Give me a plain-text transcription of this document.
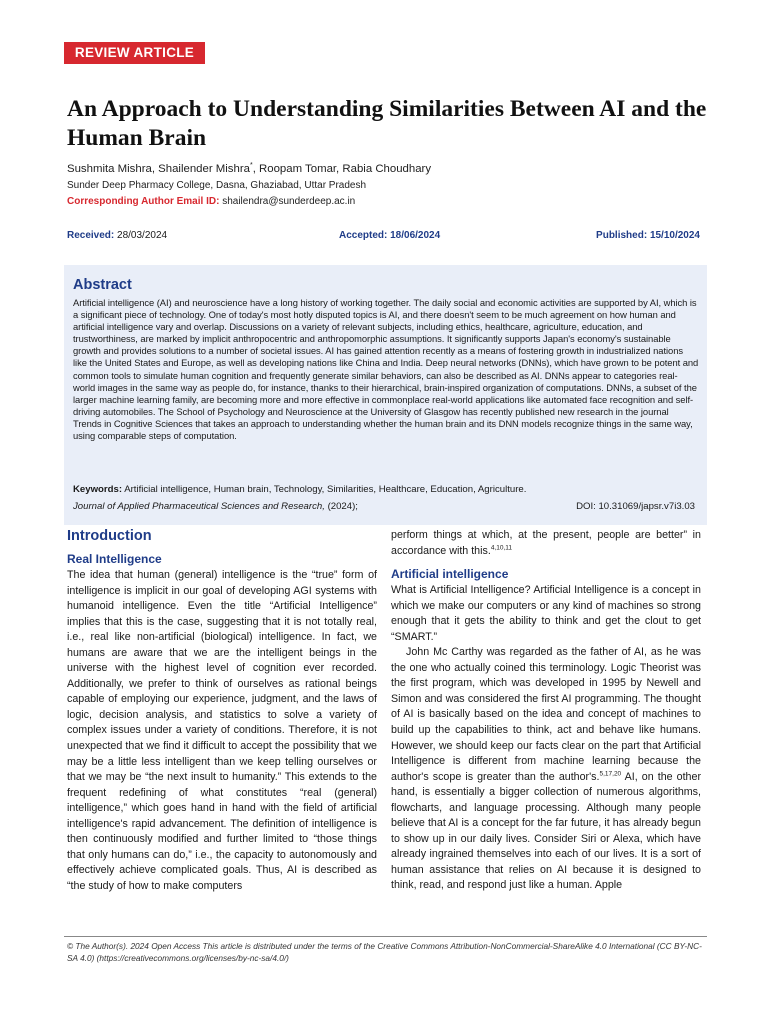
REVIEW ARTICLE
An Approach to Understanding Similarities Between AI and the Human Brain
Sushmita Mishra, Shailender Mishra*, Roopam Tomar, Rabia Choudhary
Sunder Deep Pharmacy College, Dasna, Ghaziabad, Uttar Pradesh
Corresponding Author Email ID: shailendra@sunderdeep.ac.in
Received: 28/03/2024	Accepted: 18/06/2024	Published: 15/10/2024
Abstract

Artificial intelligence (AI) and neuroscience have a long history of working together. The daily social and economic activities are supported by AI, which is a significant piece of technology. One of today's most hotly disputed topics is AI, and there doesn't seem to be much agreement on how human and artificial intelligence vary and overlap. Discussions on a variety of relevant subjects, including ethics, healthcare, agriculture, education, and trustworthiness, are marked by implicit anthropocentric and anthropomorphic assumptions. It significantly supports Japan's economy's sustainable growth and provides solutions to a number of societal issues. AI has gained attention recently as a means of fostering growth in industrialized nations like the United States and Europe, as well as developing nations like China and India. Deep neural networks (DNNs), which have grown to be potent and common tools to simulate human cognition and frequently generate similar behaviors, can also be described as AI. DNNs appear to categories real-world images in the same way as people do, for instance, thanks to their hierarchical, brain-inspired organization of computations. DNNs, a subset of the larger machine learning family, are becoming more and more effective in commonplace real-world applications like automated face recognition and self-driving automobiles. The School of Psychology and Neuroscience at the University of Glasgow has recently published new research in the journal Trends in Cognitive Sciences that takes an approach to understanding whether the human brain and its DNN models recognize things in the same way, using comparable steps of computation.

Keywords: Artificial intelligence, Human brain, Technology, Similarities, Healthcare, Education, Agriculture.
Journal of Applied Pharmaceutical Sciences and Research, (2024);	DOI: 10.31069/japsr.v7i3.03
Introduction
Real Intelligence

The idea that human (general) intelligence is the “true” form of intelligence is implicit in our goal of developing AGI systems with humanoid intelligence. Even the title “Artificial Intelligence” implies that this is the case, suggesting that it is not totally real, i.e., real like non-artificial (biological) intelligence. In fact, we humans are aware that we are the intelligent beings in the universe with the highest level of cognition ever recorded. Additionally, we prefer to think of ourselves as rational beings capable of employing our experience, judgment, and the laws of logic, decision analysis, and statistics to solve a variety of complex issues under a variety of conditions. Therefore, it is not unexpected that we find it difficult to accept the possibility that we may be a little less intelligent than we keep telling ourselves or that we may be “the next insult to humanity.” This extends to the frequent redefining of what constitutes “real (general) intelligence,” which goes hand in hand with the field of artificial intelligence's rapid advancement. The definition of intelligence is then continuously modified and further limited to “those things that only humans can do,” i.e., the capacity to autonomously and effectively achieve complicated goals. Thus, AI is described as “the study of how to make computers

perform things at which, at the present, people are better” in accordance with this.$^{4,10,11}$

Artificial intelligence

What is Artificial Intelligence? Artificial Intelligence is a concept in which we make our computers or any kind of machines so strong enough that it gets the ability to think and get the clout to get “SMART.”

John Mc Carthy was regarded as the father of AI, as he was the one who actually coined this terminology. Logic Theorist was the first program, which was developed in 1995 by Newell and Simon and was considered the first AI programming. The thought of AI is basically based on the idea and concept of machines to build up the capabilities to think, act and behave like humans. However, we should keep our facts clear on the part that Artificial Intelligence is different from machine learning because the author's scope is greater than the author's.$^{5,17,20}$ AI, on the other hand, is essentially a bigger collection of numerous algorithms, flowcharts, and language processing. Although many people believe that AI is a concept for the far future, it has already begun to show up in our daily lives. Consider Siri or Alexa, which have already ingrained themselves into each of our lives. It is a sort of human assistance that relies on AI because it is designed to think, read, and respond just like a human. Apple

© The Author(s). 2024 Open Access This article is distributed under the terms of the Creative Commons Attribution-NonCommercial-ShareAlike 4.0 International (CC BY-NC-SA 4.0) (https://creativecommons.org/licenses/by-nc-sa/4.0/)
